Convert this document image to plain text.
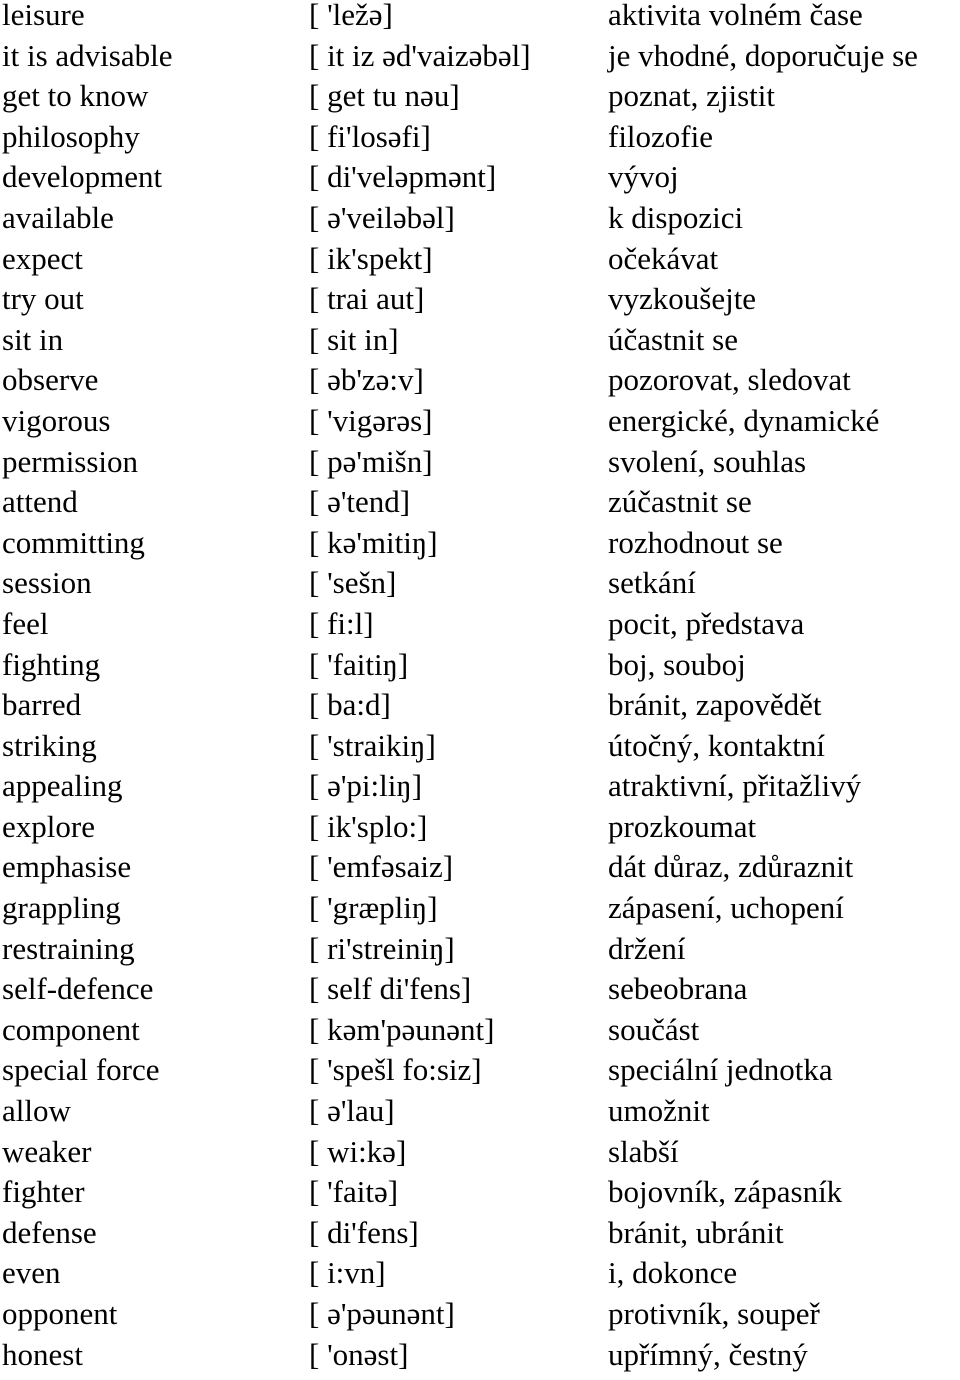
leisure	[ 'ležə]	aktivita volném čase
it is advisable	[ it iz əd'vaizəbəl] je vhodné, doporučuje se
get to know	[ get tu nəu]	poznat, zjistit
philosophy	[ fi'losəfi]	filozofie
development	[ di'veləpmənt]	vývoj
available	[ ə'veiləbəl]	k dispozici
expect	[ ik'spekt]	očekávat
try out	[ trai aut]	vyzkoušejte
sit in	[ sit in]	účastnit se
observe	[ əb'zə:v]	pozorovat, sledovat
vigorous	[ 'vigərəs]	energické, dynamické
permission	[ pə'mišn]	svolení, souhlas
attend	[ ə'tend]	zúčastnit se
committing	[ kə'mitiŋ]	rozhodnout se
session	[ 'sešn]	setkání
feel	[ fi:l]	pocit, představa
fighting	[ 'faitiŋ]	boj, souboj
barred	[ ba:d]	bránit, zapovědět
striking	[ 'straikiŋ]	útočný, kontaktní
appealing	[ ə'pi:liŋ]	atraktivní, přitažlivý
explore	[ ik'splo:]	prozkoumat
emphasise	[ 'emfəsaiz]	dát důraz, zdůraznit
grappling	[ 'græpliŋ]	zápasení, uchopení
restraining	[ ri'streiniŋ]	držení
self-defence	[ self di'fens]	sebeobrana
component	[ kəm'pəunənt]	součást
special force	[ 'spešl fo:siz]	speciální jednotka
allow	[ ə'lau]	umožnit
weaker	[ wi:kə]	slabší
fighter	[ 'faitə]	bojovník, zápasník
defense	[ di'fens]	bránit, ubránit
even	[ i:vn]	i, dokonce
opponent	[ ə'pəunənt]	protivník, soupeř
honest	[ 'onəst]	upřímný, čestný
